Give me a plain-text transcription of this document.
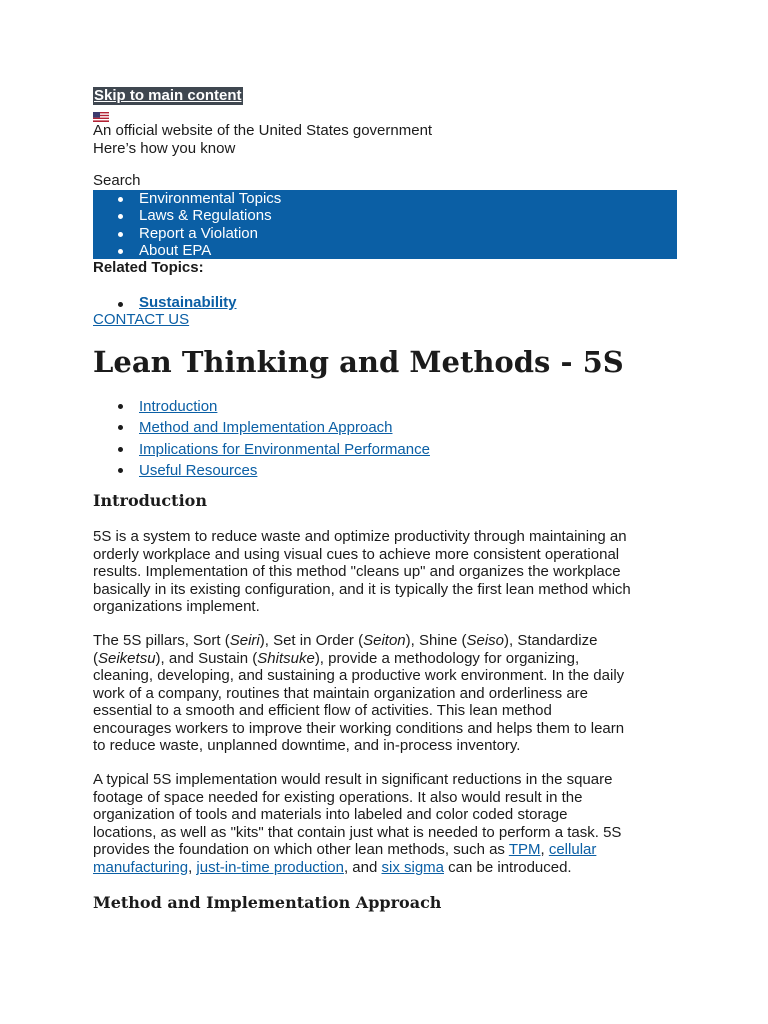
Skip to main content
An official website of the United States government
Here’s how you know
Search
Environmental Topics
Laws & Regulations
Report a Violation
About EPA
Related Topics:
Sustainability
CONTACT US
Lean Thinking and Methods - 5S
Introduction
Method and Implementation Approach
Implications for Environmental Performance
Useful Resources
Introduction

5S is a system to reduce waste and optimize productivity through maintaining an
orderly workplace and using visual cues to achieve more consistent operational
results. Implementation of this method "cleans up" and organizes the workplace
basically in its existing configuration, and it is typically the first lean method which
organizations implement.

The 5S pillars, Sort (Seiri), Set in Order (Seiton), Shine (Seiso), Standardize
(Seiketsu), and Sustain (Shitsuke), provide a methodology for organizing,
cleaning, developing, and sustaining a productive work environment. In the daily
work of a company, routines that maintain organization and orderliness are
essential to a smooth and efficient flow of activities. This lean method
encourages workers to improve their working conditions and helps them to learn
to reduce waste, unplanned downtime, and in-process inventory.

A typical 5S implementation would result in significant reductions in the square
footage of space needed for existing operations. It also would result in the
organization of tools and materials into labeled and color coded storage
locations, as well as "kits" that contain just what is needed to perform a task. 5S
provides the foundation on which other lean methods, such as TPM, cellular
manufacturing, just-in-time production, and six sigma can be introduced.

Method and Implementation Approach
